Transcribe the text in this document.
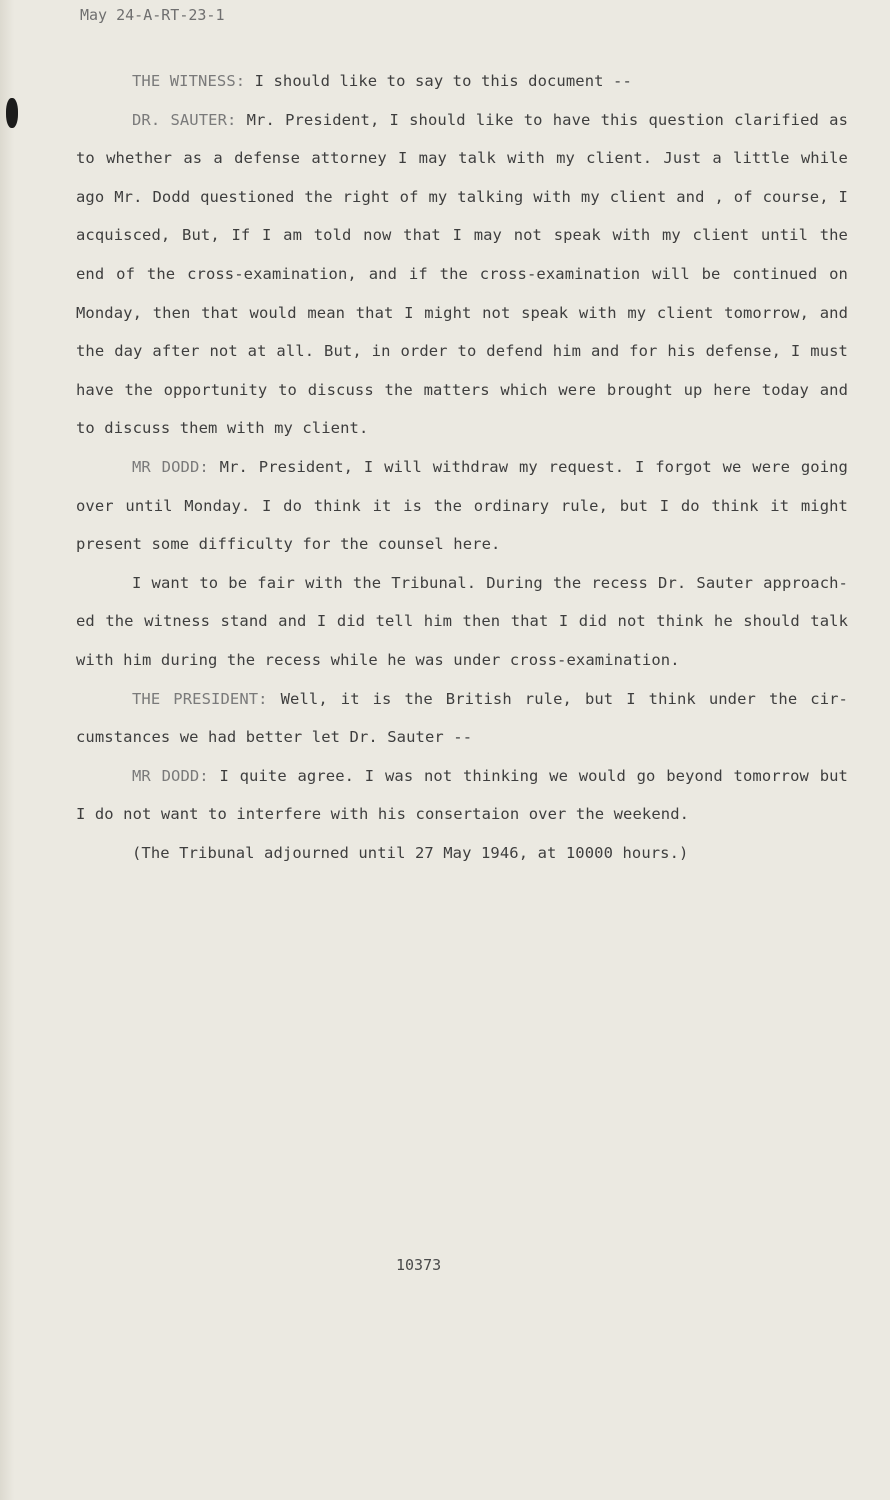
May 24-A-RT-23-1

THE WITNESS: I should like to say to this document --

DR. SAUTER: Mr. President, I should like to have this question clarified as to whether as a defense attorney I may talk with my client. Just a little while ago Mr. Dodd questioned the right of my talking with my client and , of course, I acquisced, But, If I am told now that I may not speak with my client until the end of the cross-examination, and if the cross-examination will be continued on Monday, then that would mean that I might not speak with my client tomorrow, and the day after not at all. But, in order to defend him and for his defense, I must have the opportunity to discuss the matters which were brought up here today and to discuss them with my client.

MR DODD: Mr. President, I will withdraw my request. I forgot we were going over until Monday. I do think it is the ordinary rule, but I do think it might present some difficulty for the counsel here.

I want to be fair with the Tribunal. During the recess Dr. Sauter approach-ed the witness stand and I did tell him then that I did not think he should talk with him during the recess while he was under cross-examination.

THE PRESIDENT: Well, it is the British rule, but I think under the cir-cumstances we had better let Dr. Sauter --

MR DODD: I quite agree. I was not thinking we would go beyond tomorrow but I do not want to interfere with his consertaion over the weekend.

(The Tribunal adjourned until 27 May 1946, at 10000 hours.)

10373
